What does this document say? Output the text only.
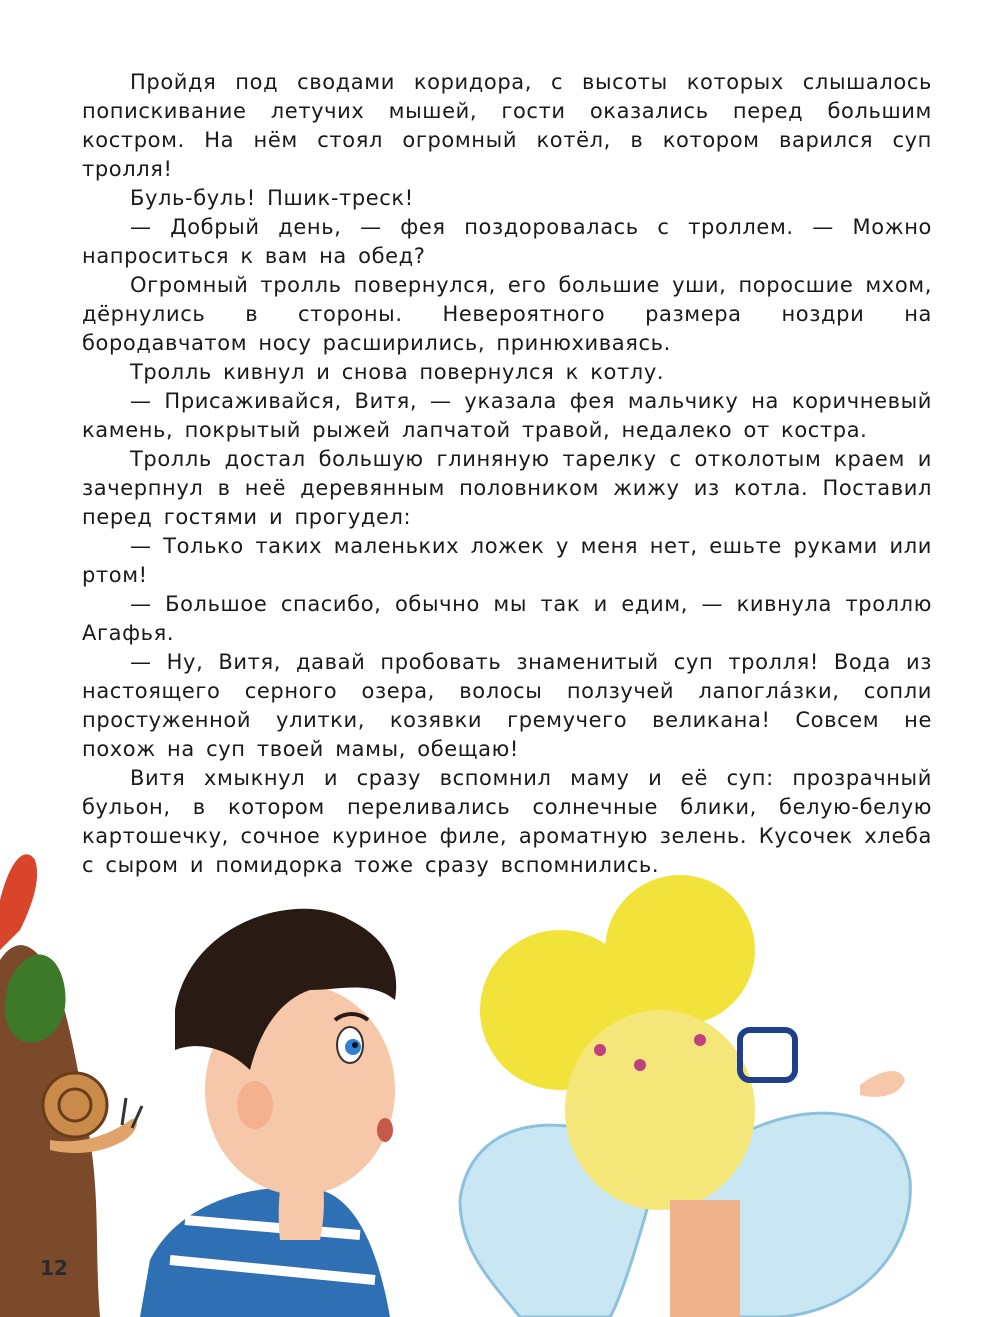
Пройдя под сводами коридора, с высоты которых слышалось попискивание летучих мышей, гости оказались перед большим костром. На нём стоял огромный котёл, в котором варился суп тролля!

Буль-буль! Пшик-треск!

— Добрый день, — фея поздоровалась с троллем. — Можно напроситься к вам на обед?

Огромный тролль повернулся, его большие уши, поросшие мхом, дёрнулись в стороны. Невероятного размера ноздри на бородавчатом носу расширились, принюхиваясь.

Тролль кивнул и снова повернулся к котлу.

— Присаживайся, Витя, — указала фея мальчику на коричневый камень, покрытый рыжей лапчатой травой, недалеко от костра.

Тролль достал большую глиняную тарелку с отколотым краем и зачерпнул в неё деревянным половником жижу из котла. Поставил перед гостями и прогудел:

— Только таких маленьких ложек у меня нет, ешьте руками или ртом!

— Большое спасибо, обычно мы так и едим, — кивнула троллю Агафья.

— Ну, Витя, давай пробовать знаменитый суп тролля! Вода из настоящего серного озера, волосы ползучей лапогла́зки, сопли простуженной улитки, козявки гремучего великана! Совсем не похож на суп твоей мамы, обещаю!

Витя хмыкнул и сразу вспомнил маму и её суп: прозрачный бульон, в котором переливались солнечные блики, белую-белую картошечку, сочное куриное филе, ароматную зелень. Кусочек хлеба с сыром и помидорка тоже сразу вспомнились.

12
